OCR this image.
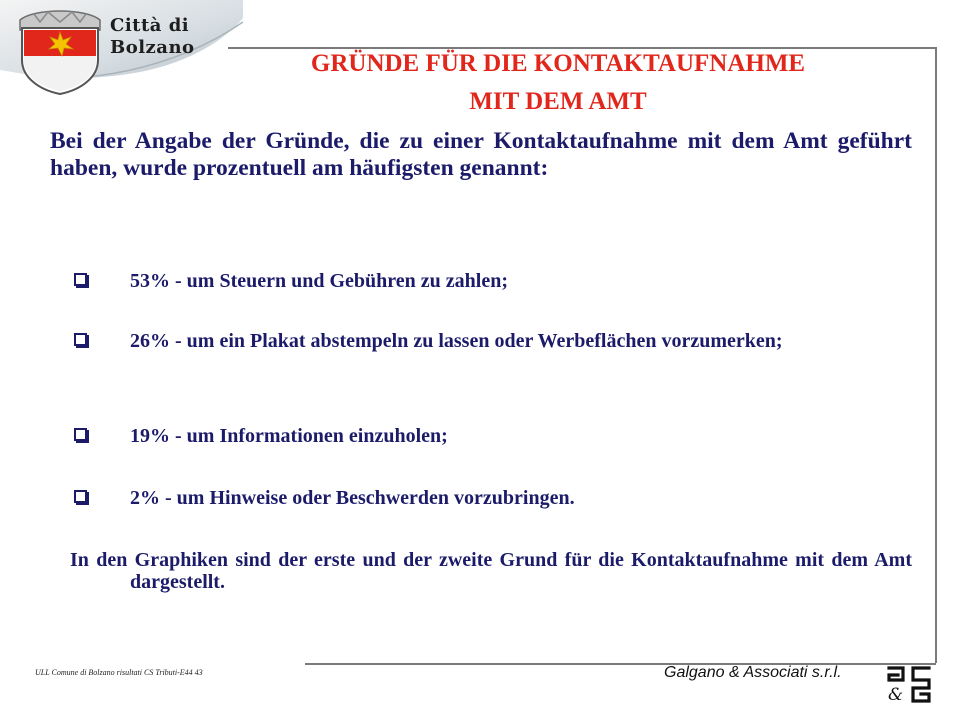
Città di
Bolzano
GRÜNDE FÜR DIE KONTAKTAUFNAHME
MIT DEM AMT

Bei der Angabe der Gründe, die zu einer Kontaktaufnahme mit dem Amt geführt haben, wurde prozentuell am häufigsten genannt:

53% - um Steuern und Gebühren zu zahlen;
26% - um ein Plakat abstempeln zu lassen oder Werbeflächen vorzumerken;
19% - um Informationen einzuholen;
2% - um Hinweise oder Beschwerden vorzubringen.

In den Graphiken sind der erste und der zweite Grund für die Kontaktaufnahme mit dem Amt dargestellt.

ULL Comune di Bolzano risultati CS Tributi-E44 43	Galgano & Associati s.r.l.
&
